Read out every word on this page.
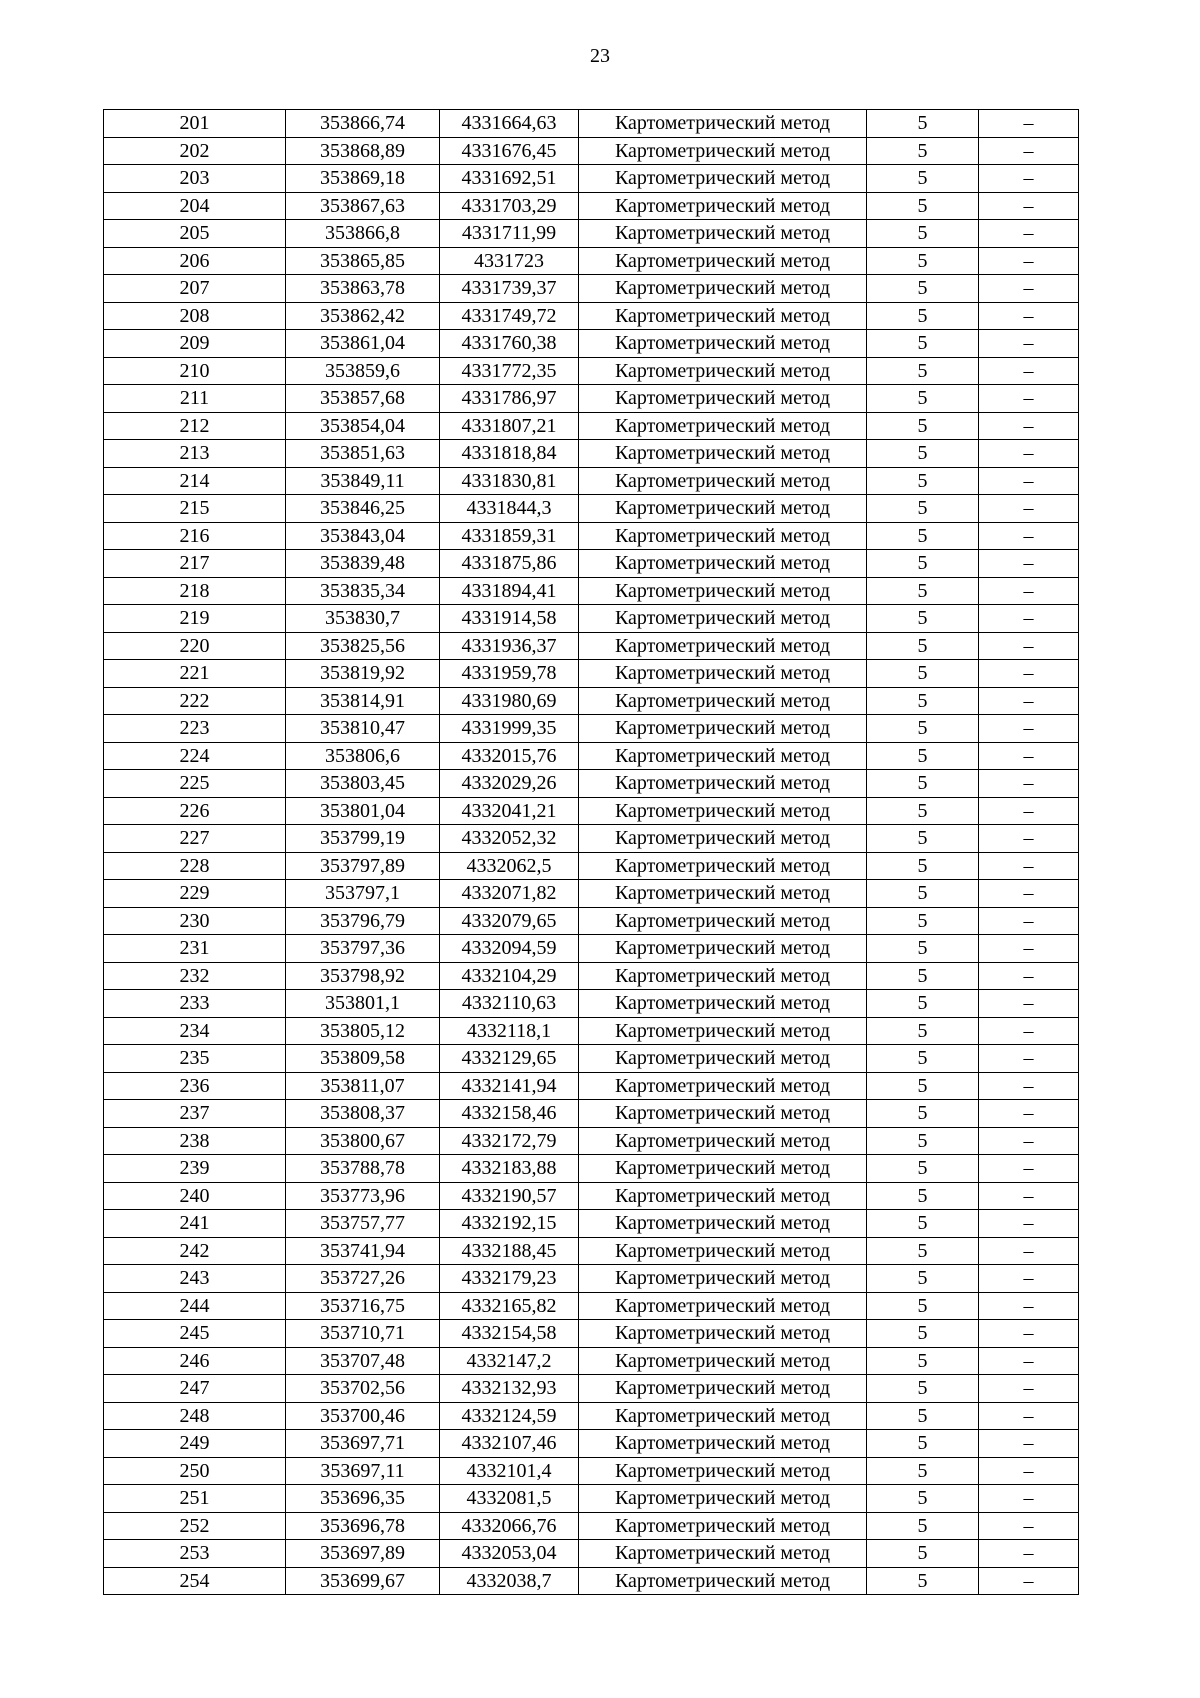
23
201	353866,74	4331664,63	Картометрический метод	5	–
202	353868,89	4331676,45	Картометрический метод	5	–
203	353869,18	4331692,51	Картометрический метод	5	–
204	353867,63	4331703,29	Картометрический метод	5	–
205	353866,8	4331711,99	Картометрический метод	5	–
206	353865,85	4331723	Картометрический метод	5	–
207	353863,78	4331739,37	Картометрический метод	5	–
208	353862,42	4331749,72	Картометрический метод	5	–
209	353861,04	4331760,38	Картометрический метод	5	–
210	353859,6	4331772,35	Картометрический метод	5	–
211	353857,68	4331786,97	Картометрический метод	5	–
212	353854,04	4331807,21	Картометрический метод	5	–
213	353851,63	4331818,84	Картометрический метод	5	–
214	353849,11	4331830,81	Картометрический метод	5	–
215	353846,25	4331844,3	Картометрический метод	5	–
216	353843,04	4331859,31	Картометрический метод	5	–
217	353839,48	4331875,86	Картометрический метод	5	–
218	353835,34	4331894,41	Картометрический метод	5	–
219	353830,7	4331914,58	Картометрический метод	5	–
220	353825,56	4331936,37	Картометрический метод	5	–
221	353819,92	4331959,78	Картометрический метод	5	–
222	353814,91	4331980,69	Картометрический метод	5	–
223	353810,47	4331999,35	Картометрический метод	5	–
224	353806,6	4332015,76	Картометрический метод	5	–
225	353803,45	4332029,26	Картометрический метод	5	–
226	353801,04	4332041,21	Картометрический метод	5	–
227	353799,19	4332052,32	Картометрический метод	5	–
228	353797,89	4332062,5	Картометрический метод	5	–
229	353797,1	4332071,82	Картометрический метод	5	–
230	353796,79	4332079,65	Картометрический метод	5	–
231	353797,36	4332094,59	Картометрический метод	5	–
232	353798,92	4332104,29	Картометрический метод	5	–
233	353801,1	4332110,63	Картометрический метод	5	–
234	353805,12	4332118,1	Картометрический метод	5	–
235	353809,58	4332129,65	Картометрический метод	5	–
236	353811,07	4332141,94	Картометрический метод	5	–
237	353808,37	4332158,46	Картометрический метод	5	–
238	353800,67	4332172,79	Картометрический метод	5	–
239	353788,78	4332183,88	Картометрический метод	5	–
240	353773,96	4332190,57	Картометрический метод	5	–
241	353757,77	4332192,15	Картометрический метод	5	–
242	353741,94	4332188,45	Картометрический метод	5	–
243	353727,26	4332179,23	Картометрический метод	5	–
244	353716,75	4332165,82	Картометрический метод	5	–
245	353710,71	4332154,58	Картометрический метод	5	–
246	353707,48	4332147,2	Картометрический метод	5	–
247	353702,56	4332132,93	Картометрический метод	5	–
248	353700,46	4332124,59	Картометрический метод	5	–
249	353697,71	4332107,46	Картометрический метод	5	–
250	353697,11	4332101,4	Картометрический метод	5	–
251	353696,35	4332081,5	Картометрический метод	5	–
252	353696,78	4332066,76	Картометрический метод	5	–
253	353697,89	4332053,04	Картометрический метод	5	–
254	353699,67	4332038,7	Картометрический метод	5	–
